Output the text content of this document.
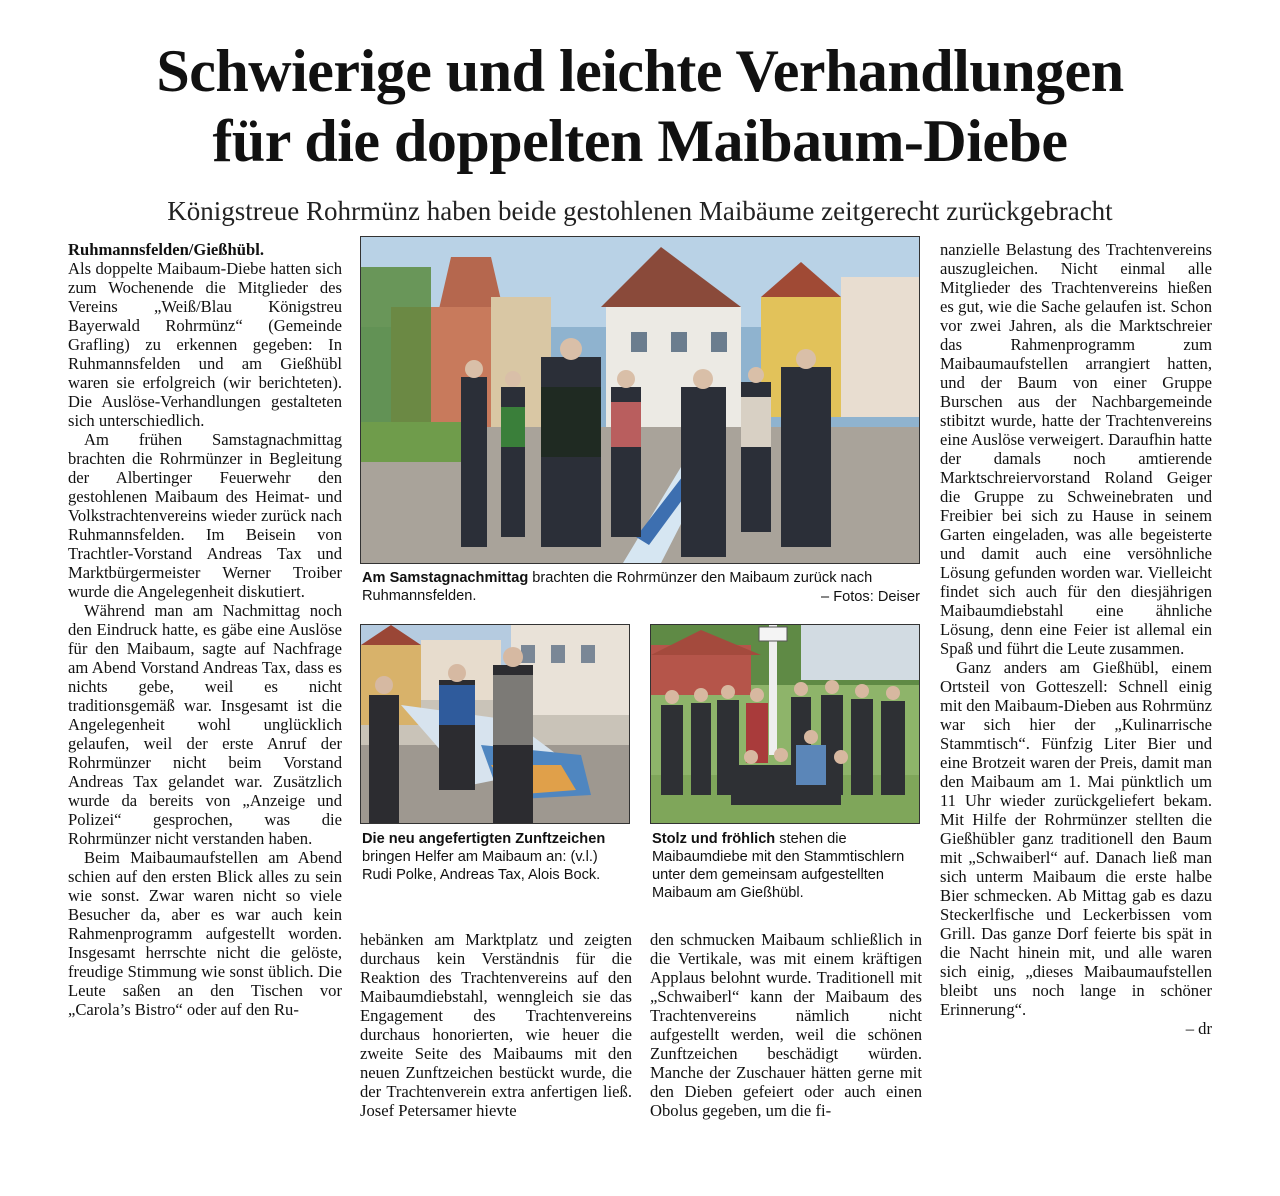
Schwierige und leichte Verhandlungen
für die doppelten Maibaum-Diebe
Königstreue Rohrmünz haben beide gestohlenen Maibäume zeitgerecht zurückgebracht

Ruhmannsfelden/Gießhübl.

Als doppelte Maibaum-Diebe hatten sich zum Wochenende die Mitglieder des Vereins „Weiß/Blau Königstreu Bayerwald Rohrmünz“ (Gemeinde Grafling) zu erkennen gegeben: In Ruhmannsfelden und am Gießhübl waren sie erfolgreich (wir berichteten). Die Auslöse-Verhandlungen gestalteten sich unterschiedlich.

Am frühen Samstagnachmittag brachten die Rohrmünzer in Begleitung der Albertinger Feuerwehr den gestohlenen Maibaum des Heimat- und Volkstrachtenvereins wieder zurück nach Ruhmannsfelden. Im Beisein von Trachtler-Vorstand Andreas Tax und Marktbürgermeister Werner Troiber wurde die Angelegenheit diskutiert.

Während man am Nachmittag noch den Eindruck hatte, es gäbe eine Auslöse für den Maibaum, sagte auf Nachfrage am Abend Vorstand Andreas Tax, dass es nichts gebe, weil es nicht traditionsgemäß war. Insgesamt ist die Angelegenheit wohl unglücklich gelaufen, weil der erste Anruf der Rohrmünzer nicht beim Vorstand Andreas Tax gelandet war. Zusätzlich wurde da bereits von „Anzeige und Polizei“ gesprochen, was die Rohrmünzer nicht verstanden haben.

Beim Maibaumaufstellen am Abend schien auf den ersten Blick alles zu sein wie sonst. Zwar waren nicht so viele Besucher da, aber es war auch kein Rahmenprogramm aufgestellt worden. Insgesamt herrschte nicht die gelöste, freudige Stimmung wie sonst üblich. Die Leute saßen an den Tischen vor „Carola’s Bistro“ oder auf den Ru-

Am Samstagnachmittag brachten die Rohrmünzer den Maibaum zurück nach Ruhmannsfelden.	– Fotos: Deiser
Die neu angefertigten Zunftzeichen bringen Helfer am Maibaum an: (v.l.) Rudi Polke, Andreas Tax, Alois Bock.
Stolz und fröhlich stehen die Maibaumdiebe mit den Stammtischlern unter dem gemeinsam aufgestellten Maibaum am Gießhübl.

hebänken am Marktplatz und zeigten durchaus kein Verständnis für die Reaktion des Trachtenvereins auf den Maibaumdiebstahl, wenngleich sie das Engagement des Trachtenvereins durchaus honorierten, wie heuer die zweite Seite des Maibaums mit den neuen Zunftzeichen bestückt wurde, die der Trachtenverein extra anfertigen ließ. Josef Petersamer hievte

den schmucken Maibaum schließlich in die Vertikale, was mit einem kräftigen Applaus belohnt wurde. Traditionell mit „Schwaiberl“ kann der Maibaum des Trachtenvereins nämlich nicht aufgestellt werden, weil die schönen Zunftzeichen beschädigt würden. Manche der Zuschauer hätten gerne mit den Dieben gefeiert oder auch einen Obolus gegeben, um die fi-

nanzielle Belastung des Trachtenvereins auszugleichen. Nicht einmal alle Mitglieder des Trachtenvereins hießen es gut, wie die Sache gelaufen ist. Schon vor zwei Jahren, als die Marktschreier das Rahmenprogramm zum Maibaumaufstellen arrangiert hatten, und der Baum von einer Gruppe Burschen aus der Nachbargemeinde stibitzt wurde, hatte der Trachtenvereins eine Auslöse verweigert. Daraufhin hatte der damals noch amtierende Marktschreiervorstand Roland Geiger die Gruppe zu Schweinebraten und Freibier bei sich zu Hause in seinem Garten eingeladen, was alle begeisterte und damit auch eine versöhnliche Lösung gefunden worden war. Vielleicht findet sich auch für den diesjährigen Maibaumdiebstahl eine ähnliche Lösung, denn eine Feier ist allemal ein Spaß und führt die Leute zusammen.

Ganz anders am Gießhübl, einem Ortsteil von Gotteszell: Schnell einig mit den Maibaum-Dieben aus Rohrmünz war sich hier der „Kulinarrische Stammtisch“. Fünfzig Liter Bier und eine Brotzeit waren der Preis, damit man den Maibaum am 1. Mai pünktlich um 11 Uhr wieder zurückgeliefert bekam. Mit Hilfe der Rohrmünzer stellten die Gießhübler ganz traditionell den Baum mit „Schwaiberl“ auf. Danach ließ man sich unterm Maibaum die erste halbe Bier schmecken. Ab Mittag gab es dazu Steckerlfische und Leckerbissen vom Grill. Das ganze Dorf feierte bis spät in die Nacht hinein mit, und alle waren sich einig, „dieses Maibaumaufstellen bleibt uns noch lange in schöner Erinnerung“.

– dr
